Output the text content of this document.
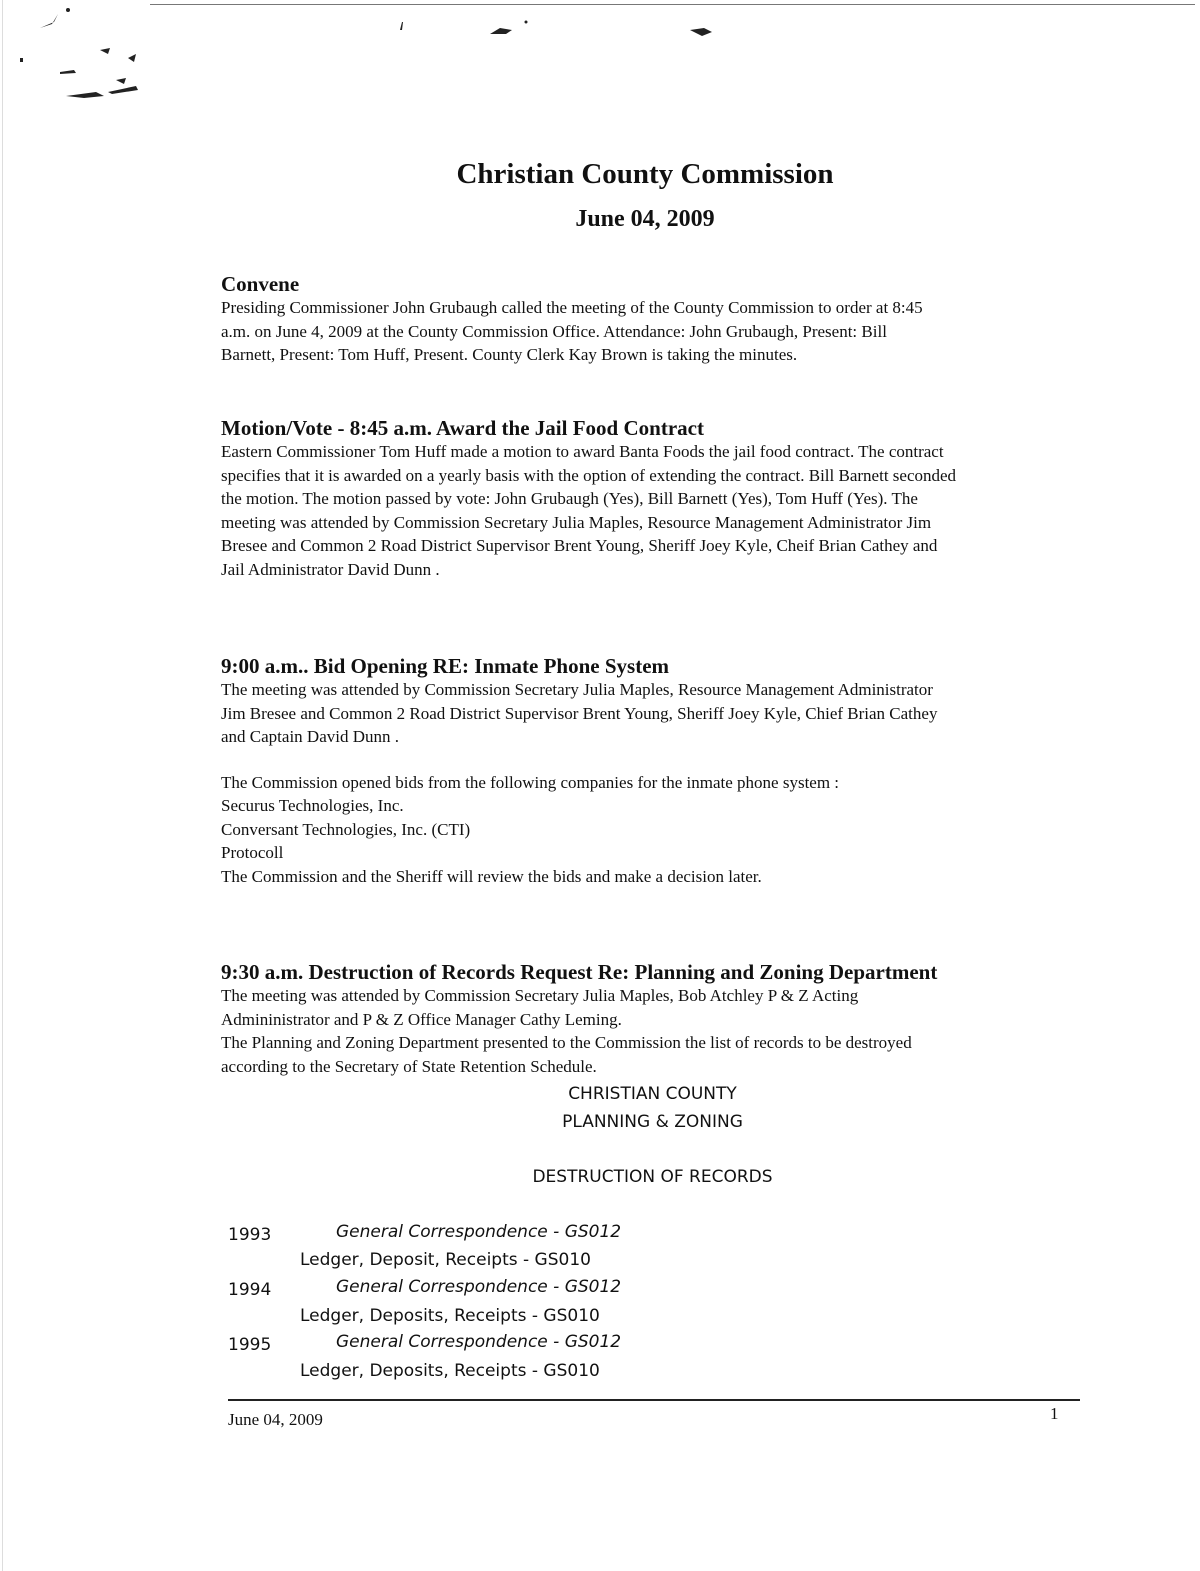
Christian County Commission
June 04, 2009
Convene
Presiding Commissioner John Grubaugh called the meeting of the County Commission to order at 8:45
a.m. on June 4, 2009 at the County Commission Office. Attendance: John Grubaugh, Present: Bill
Barnett, Present: Tom Huff, Present. County Clerk Kay Brown is taking the minutes.
Motion/Vote - 8:45 a.m. Award the Jail Food Contract
Eastern Commissioner Tom Huff made a motion to award Banta Foods the jail food contract. The contract
specifies that it is awarded on a yearly basis with the option of extending the contract. Bill Barnett seconded
the motion. The motion passed by vote: John Grubaugh (Yes), Bill Barnett (Yes), Tom Huff (Yes). The
meeting was attended by Commission Secretary Julia Maples, Resource Management Administrator Jim
Bresee and Common 2 Road District Supervisor Brent Young, Sheriff Joey Kyle, Cheif Brian Cathey and
Jail Administrator David Dunn .
9:00 a.m.. Bid Opening RE: Inmate Phone System
The meeting was attended by Commission Secretary Julia Maples, Resource Management Administrator
Jim Bresee and Common 2 Road District Supervisor Brent Young, Sheriff Joey Kyle, Chief Brian Cathey
and Captain David Dunn .
The Commission opened bids from the following companies for the inmate phone system :
Securus Technologies, Inc.
Conversant Technologies, Inc. (CTI)
Protocoll
The Commission and the Sheriff will review the bids and make a decision later.
9:30 a.m. Destruction of Records Request Re: Planning and Zoning Department
The meeting was attended by Commission Secretary Julia Maples, Bob Atchley P & Z Acting
Admininistrator and P & Z Office Manager Cathy Leming.
The Planning and Zoning Department presented to the Commission the list of records to be destroyed
according to the Secretary of State Retention Schedule.
CHRISTIAN COUNTY
PLANNING & ZONING
DESTRUCTION OF RECORDS
1993	General Correspondence - GS012
Ledger, Deposit, Receipts - GS010
1994	General Correspondence - GS012
Ledger, Deposits, Receipts - GS010
1995	General Correspondence - GS012
Ledger, Deposits, Receipts - GS010
June 04, 2009	1
